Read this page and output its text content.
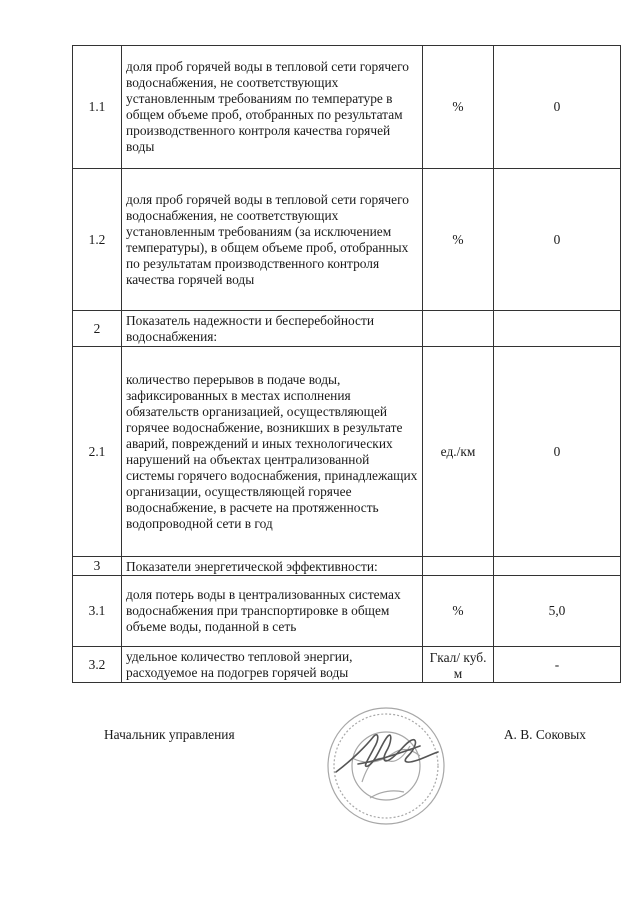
1.1	доля проб горячей воды в тепловой сети горячего водоснабжения, не соответствующих установленным требованиям по температуре в общем объеме проб, отобранных по результатам производственного контроля качества горячей воды	%	0
1.2	доля проб горячей воды в тепловой сети горячего водоснабжения, не соответствующих установленным требованиям (за исключением температуры), в общем объеме проб, отобранных по результатам производственного контроля качества горячей воды	%	0
2	Показатель надежности и бесперебойности водоснабжения:		
2.1	количество перерывов в подаче воды, зафиксированных в местах исполнения обязательств организацией, осуществляющей горячее водоснабжение, возникших в результате аварий, повреждений и иных технологических нарушений на объектах централизованной системы горячего водоснабжения, принадлежащих организации, осуществляющей горячее водоснабжение, в расчете на протяженность водопроводной сети в год	ед./км	0
3	Показатели энергетической эффективности:		
3.1	доля потерь воды в централизованных системах водоснабжения при транспортировке в общем объеме воды, поданной в сеть	%	5,0
3.2	удельное количество тепловой энергии, расходуемое на подогрев горячей воды	Гкал/ куб. м	-
Начальник управления	А. В. Соковых
